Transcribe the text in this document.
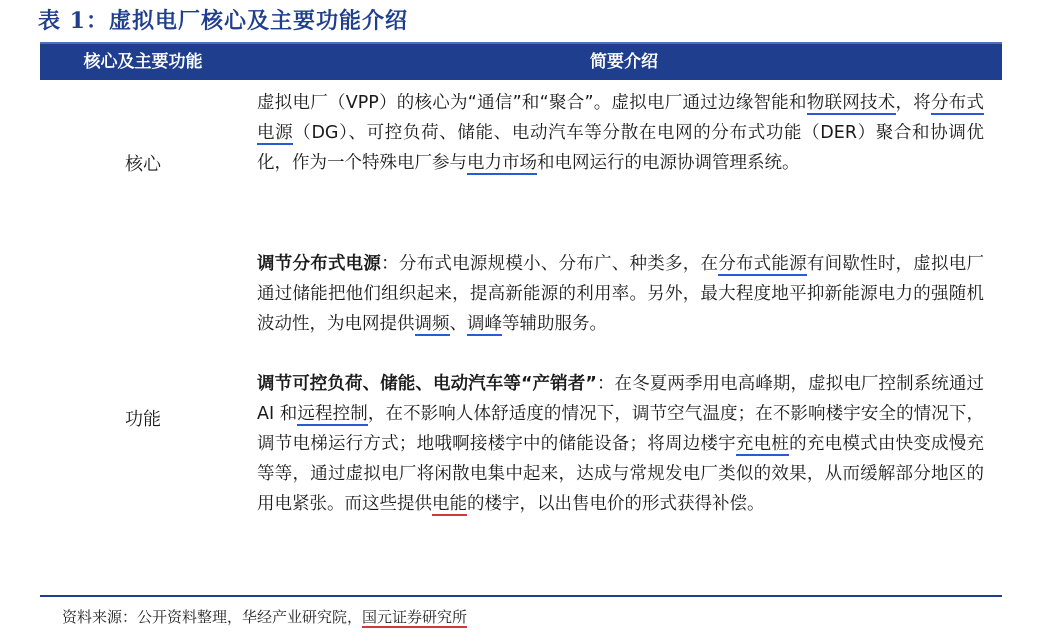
表 1：虚拟电厂核心及主要功能介绍
核心及主要功能	简要介绍
核心
虚拟电厂（VPP）的核心为“通信”和“聚合”。虚拟电厂通过边缘智能和物联网技术，将分布式电源（DG）、可控负荷、储能、电动汽车等分散在电网的分布式功能（DER）聚合和协调优化，作为一个特殊电厂参与电力市场和电网运行的电源协调管理系统。
功能
调节分布式电源：分布式电源规模小、分布广、种类多，在分布式能源有间歇性时，虚拟电厂通过储能把他们组织起来，提高新能源的利用率。另外，最大程度地平抑新能源电力的强随机波动性，为电网提供调频、调峰等辅助服务。
调节可控负荷、储能、电动汽车等“产销者”：在冬夏两季用电高峰期，虚拟电厂控制系统通过 AI 和远程控制，在不影响人体舒适度的情况下，调节空气温度；在不影响楼宇安全的情况下，调节电梯运行方式；地哦啊接楼宇中的储能设备；将周边楼宇充电桩的充电模式由快变成慢充等等，通过虚拟电厂将闲散电集中起来，达成与常规发电厂类似的效果，从而缓解部分地区的用电紧张。而这些提供电能的楼宇，以出售电价的形式获得补偿。
资料来源：公开资料整理，华经产业研究院，国元证券研究所
